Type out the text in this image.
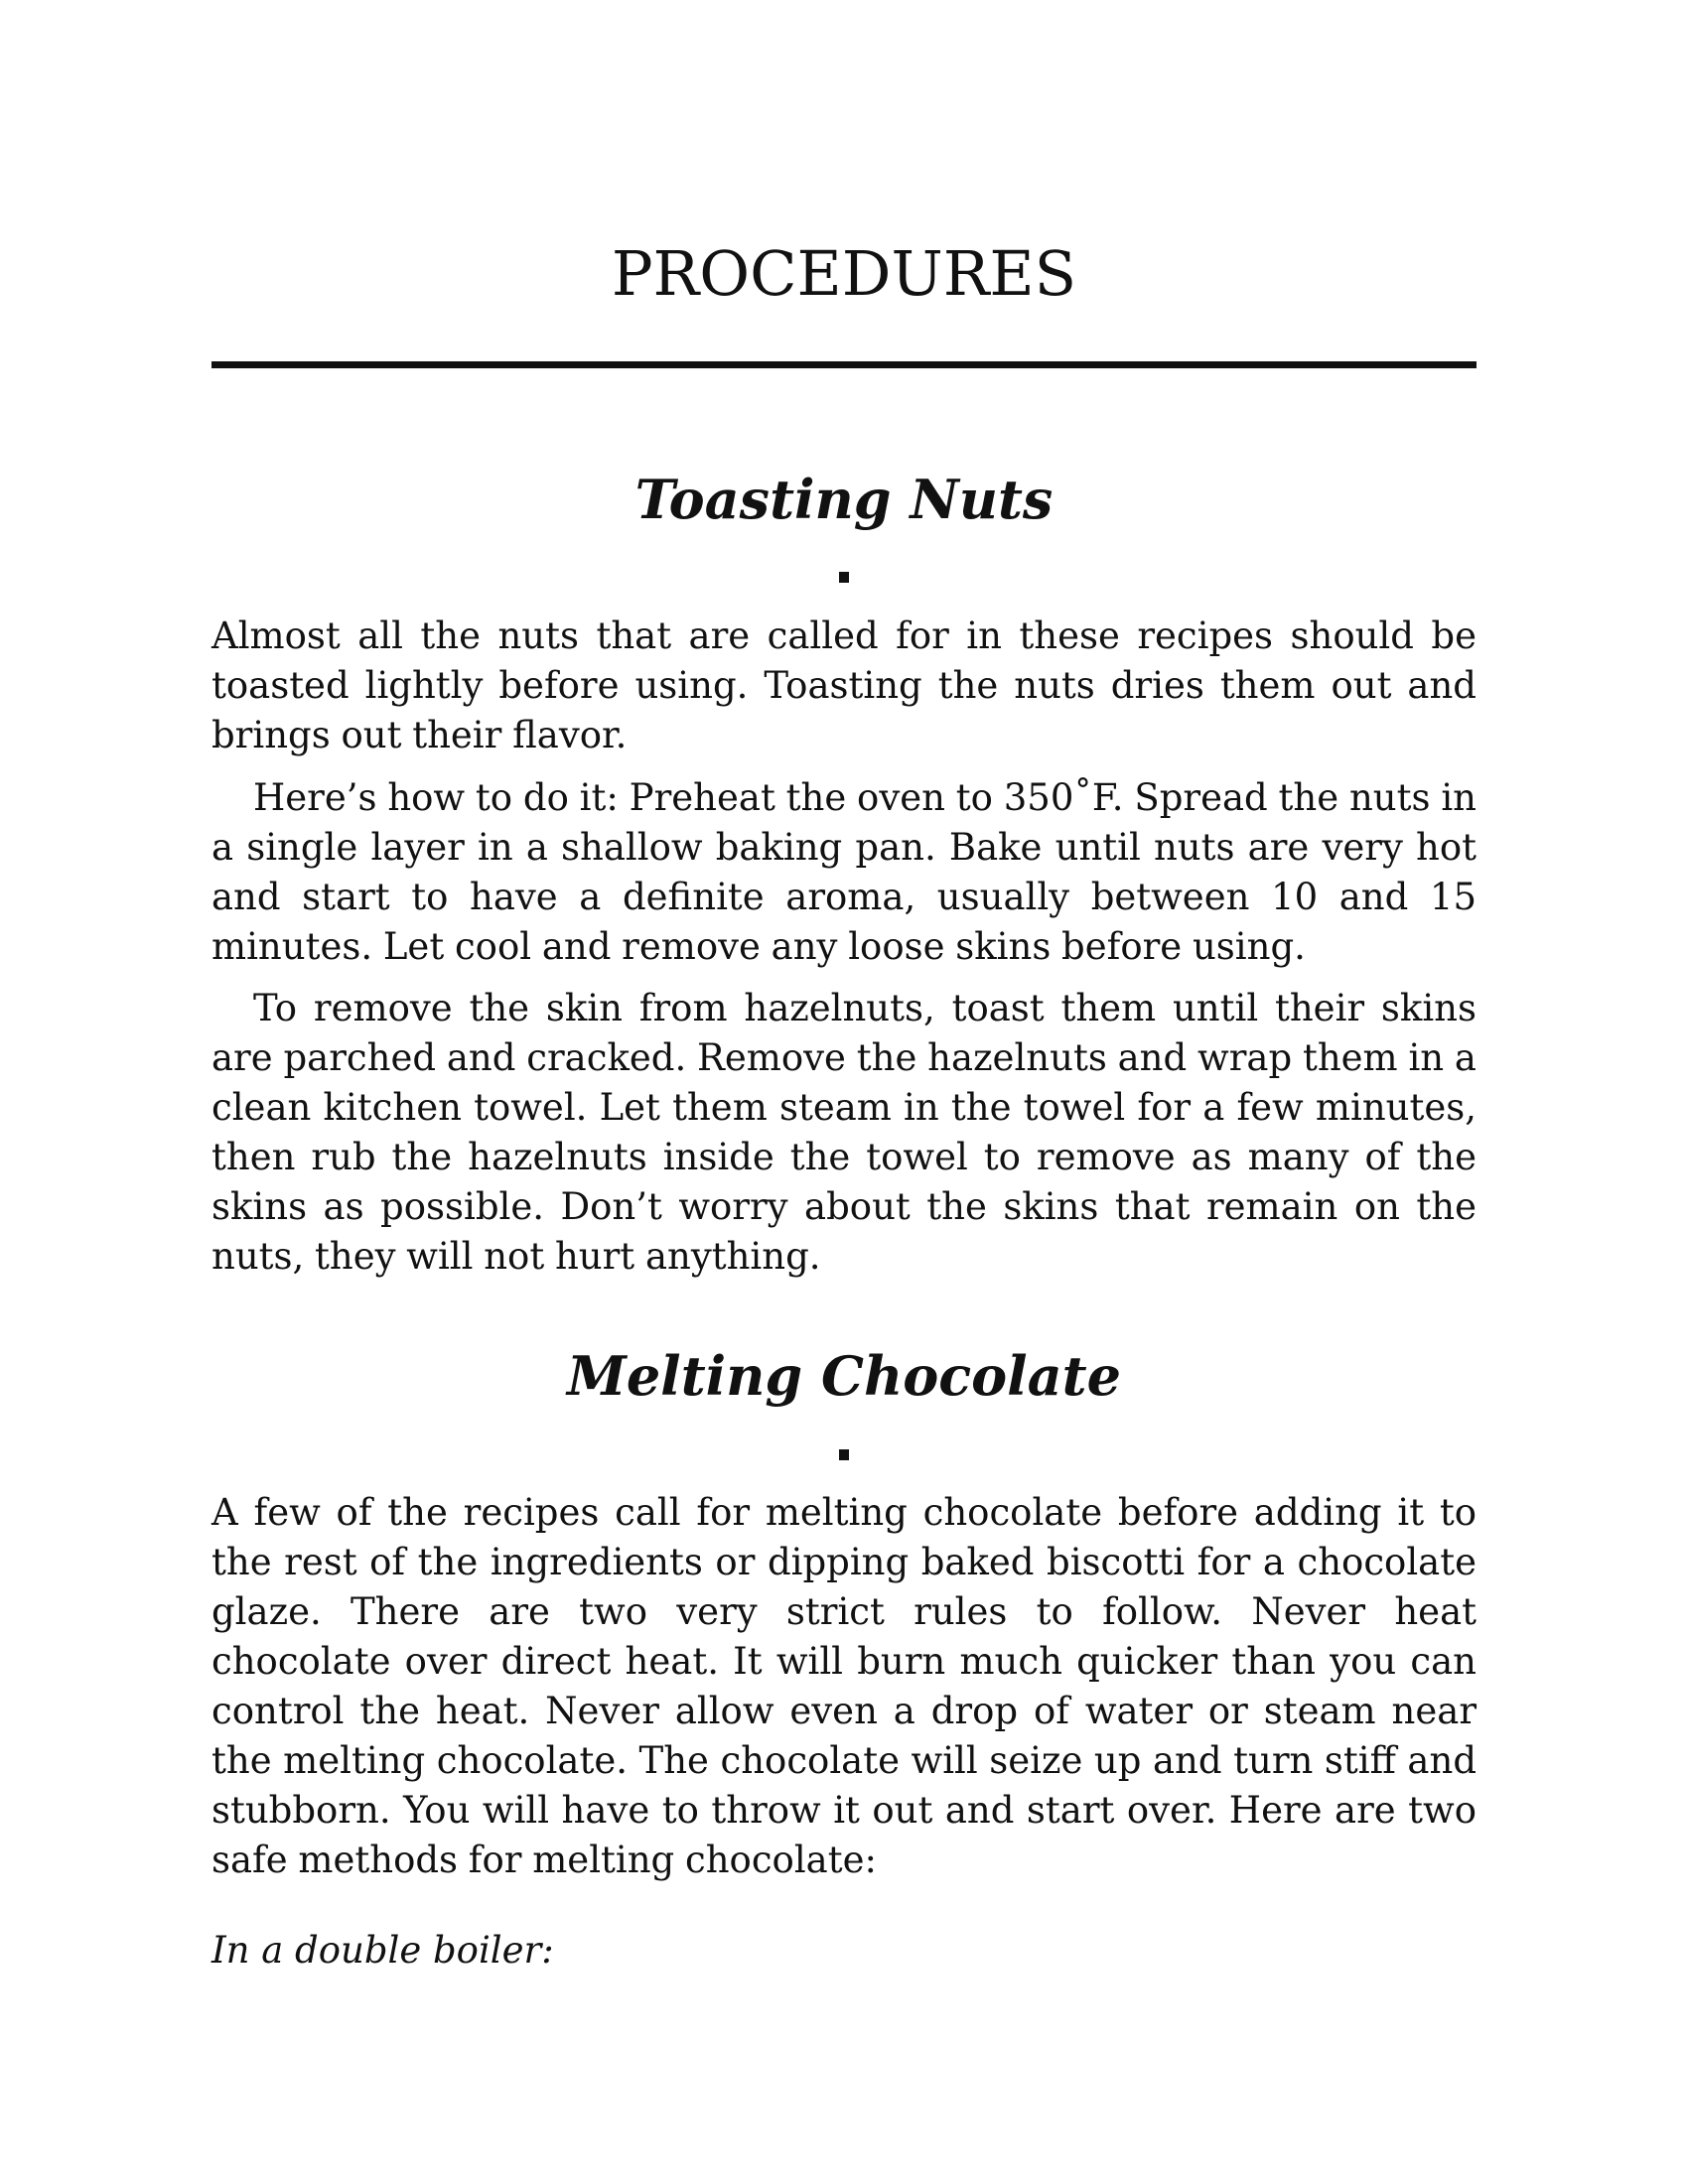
PROCEDURES
Toasting Nuts

Almost all the nuts that are called for in these recipes should be toasted lightly before using. Toasting the nuts dries them out and brings out their flavor.

Here’s how to do it: Preheat the oven to 350˚F. Spread the nuts in a single layer in a shallow baking pan. Bake until nuts are very hot and start to have a definite aroma, usually between 10 and 15 minutes. Let cool and remove any loose skins before using.

To remove the skin from hazelnuts, toast them until their skins are parched and cracked. Remove the hazelnuts and wrap them in a clean kitchen towel. Let them steam in the towel for a few minutes, then rub the hazelnuts inside the towel to remove as many of the skins as possible. Don’t worry about the skins that remain on the nuts, they will not hurt anything.

Melting Chocolate

A few of the recipes call for melting chocolate before adding it to the rest of the ingredients or dipping baked biscotti for a chocolate glaze. There are two very strict rules to follow. Never heat chocolate over direct heat. It will burn much quicker than you can control the heat. Never allow even a drop of water or steam near the melting chocolate. The chocolate will seize up and turn stiff and stubborn. You will have to throw it out and start over. Here are two safe methods for melting chocolate:

In a double boiler:
